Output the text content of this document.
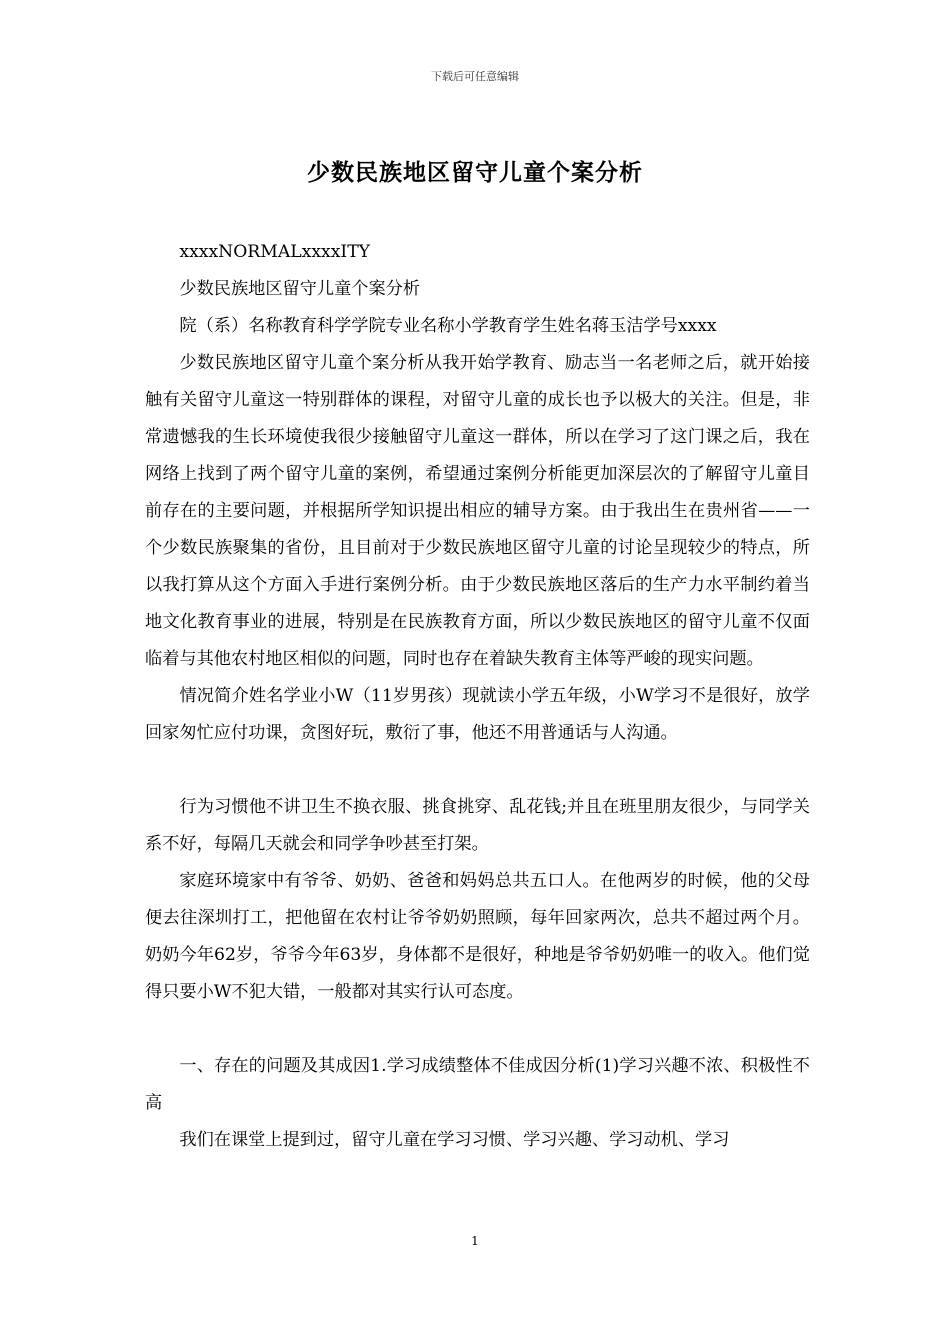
下载后可任意编辑
少数民族地区留守儿童个案分析

xxxxNORMALxxxxITY

少数民族地区留守儿童个案分析

院（系）名称教育科学学院专业名称小学教育学生姓名蒋玉洁学号xxxx

少数民族地区留守儿童个案分析从我开始学教育、励志当一名老师之后，就开始接触有关留守儿童这一特别群体的课程，对留守儿童的成长也予以极大的关注。但是，非常遗憾我的生长环境使我很少接触留守儿童这一群体，所以在学习了这门课之后，我在网络上找到了两个留守儿童的案例，希望通过案例分析能更加深层次的了解留守儿童目前存在的主要问题，并根据所学知识提出相应的辅导方案。由于我出生在贵州省——一个少数民族聚集的省份，且目前对于少数民族地区留守儿童的讨论呈现较少的特点，所以我打算从这个方面入手进行案例分析。由于少数民族地区落后的生产力水平制约着当地文化教育事业的进展，特别是在民族教育方面，所以少数民族地区的留守儿童不仅面临着与其他农村地区相似的问题，同时也存在着缺失教育主体等严峻的现实问题。

情况简介姓名学业小W（11岁男孩）现就读小学五年级，小W学习不是很好，放学回家匆忙应付功课，贪图好玩，敷衍了事，他还不用普通话与人沟通。

行为习惯他不讲卫生不换衣服、挑食挑穿、乱花钱;并且在班里朋友很少，与同学关系不好，每隔几天就会和同学争吵甚至打架。

家庭环境家中有爷爷、奶奶、爸爸和妈妈总共五口人。在他两岁的时候，他的父母便去往深圳打工，把他留在农村让爷爷奶奶照顾，每年回家两次，总共不超过两个月。奶奶今年62岁，爷爷今年63岁，身体都不是很好，种地是爷爷奶奶唯一的收入。他们觉得只要小W不犯大错，一般都对其实行认可态度。

一、存在的问题及其成因1.学习成绩整体不佳成因分析(1)学习兴趣不浓、积极性不高

我们在课堂上提到过，留守儿童在学习习惯、学习兴趣、学习动机、学习

1
